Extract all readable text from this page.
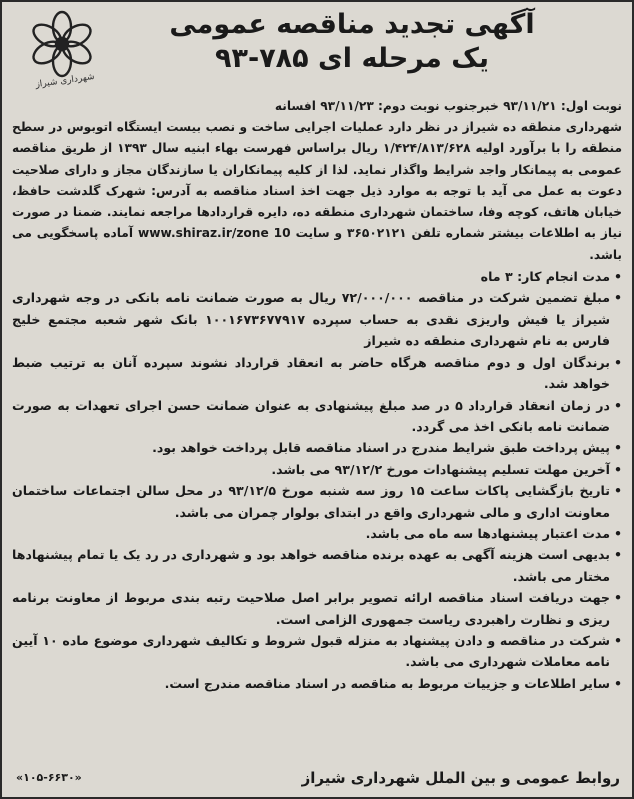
آگهی تجدید مناقصه عمومی
یک مرحله ای ۷۸۵-۹۳
شهرداری شیراز

نوبت اول: ۹۳/۱۱/۲۱ خبرجنوب نوبت دوم: ۹۳/۱۱/۲۳ افسانه

شهرداری منطقه ده شیراز در نظر دارد عملیات اجرایی ساخت و نصب بیست ایستگاه اتوبوس در سطح منطقه را با برآورد اولیه ۱/۴۲۴/۸۱۳/۶۲۸ ریال براساس فهرست بهاء ابنیه سال ۱۳۹۳ از طریق مناقصه عمومی به پیمانکار واجد شرایط واگذار نماید. لذا از کلیه پیمانکاران یا سازندگان مجاز و دارای صلاحیت دعوت به عمل می آید با توجه به موارد ذیل جهت اخذ اسناد مناقصه به آدرس: شهرک گلدشت حافظ، خیابان هاتف، کوچه وفا، ساختمان شهرداری منطقه ده، دایره قراردادها مراجعه نمایند. ضمنا در صورت نیاز به اطلاعات بیشتر شماره تلفن ۳۶۵۰۲۱۲۱ و سایت www.shiraz.ir/zone 10 آماده پاسخگویی می باشد.

• مدت انجام کار: ۳ ماه
• مبلغ تضمین شرکت در مناقصه ۷۲/۰۰۰/۰۰۰ ریال به صورت ضمانت نامه بانکی در وجه شهرداری شیراز یا فیش واریزی نقدی به حساب سپرده ۱۰۰۱۶۷۳۶۷۷۹۱۷ بانک شهر شعبه مجتمع خلیج فارس به نام شهرداری منطقه ده شیراز
• برندگان اول و دوم مناقصه هرگاه حاضر به انعقاد قرارداد نشوند سپرده آنان به ترتیب ضبط خواهد شد.
• در زمان انعقاد قرارداد ۵ در صد مبلغ پیشنهادی به عنوان ضمانت حسن اجرای تعهدات به صورت ضمانت نامه بانکی اخذ می گردد.
• پیش پرداخت طبق شرایط مندرج در اسناد مناقصه قابل پرداخت خواهد بود.
• آخرین مهلت تسلیم پیشنهادات مورخ ۹۳/۱۲/۲ می باشد.
• تاریخ بازگشایی پاکات ساعت ۱۵ روز سه شنبه مورخ ۹۳/۱۲/۵ در محل سالن اجتماعات ساختمان معاونت اداری و مالی شهرداری واقع در ابتدای بولوار چمران می باشد.
• مدت اعتبار پیشنهادها سه ماه می باشد.
• بدیهی است هزینه آگهی به عهده برنده مناقصه خواهد بود و شهرداری در رد یک یا تمام پیشنهادها مختار می باشد.
• جهت دریافت اسناد مناقصه ارائه تصویر برابر اصل صلاحیت رتبه بندی مربوط از معاونت برنامه ریزی و نظارت راهبردی ریاست جمهوری الزامی است.
• شرکت در مناقصه و دادن پیشنهاد به منزله قبول شروط و تکالیف شهرداری موضوع ماده ۱۰ آیین نامه معاملات شهرداری می باشد.
• سایر اطلاعات و جزییات مربوط به مناقصه در اسناد مناقصه مندرج است.
روابط عمومی و بین الملل شهرداری شیراز
«۱۰۵-۶۶۳۰»
